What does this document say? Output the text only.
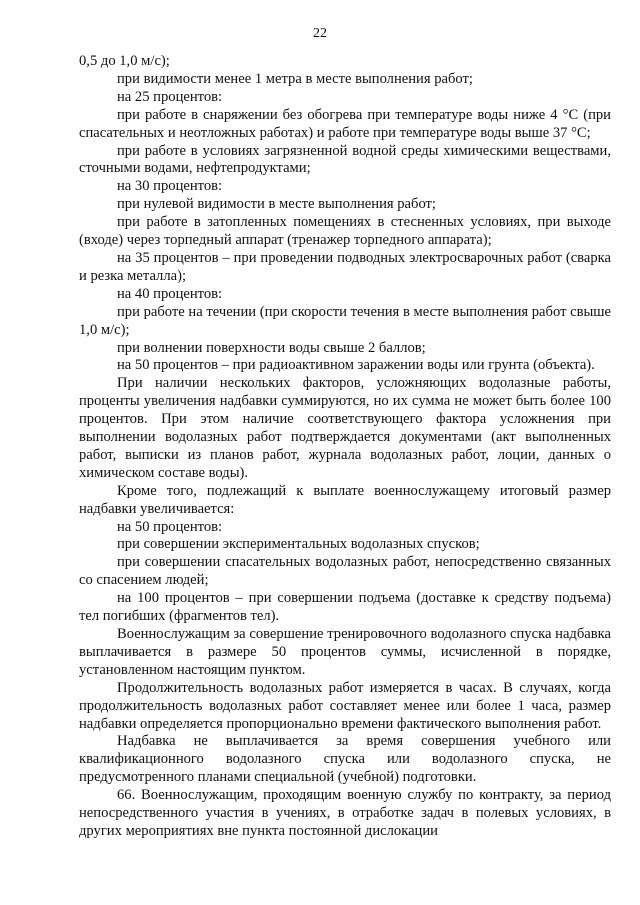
22

0,5 до 1,0 м/с);

при видимости менее 1 метра в месте выполнения работ;

на 25 процентов:

при работе в снаряжении без обогрева при температуре воды ниже 4 °С (при спасательных и неотложных работах) и работе при температуре воды выше 37 °С;

при работе в условиях загрязненной водной среды химическими веществами, сточными водами, нефтепродуктами;

на 30 процентов:

при нулевой видимости в месте выполнения работ;

при работе в затопленных помещениях в стесненных условиях, при выходе (входе) через торпедный аппарат (тренажер торпедного аппарата);

на 35 процентов – при проведении подводных электросварочных работ (сварка и резка металла);

на 40 процентов:

при работе на течении (при скорости течения в месте выполнения работ свыше 1,0 м/с);

при волнении поверхности воды свыше 2 баллов;

на 50 процентов – при радиоактивном заражении воды или грунта (объекта).

При наличии нескольких факторов, усложняющих водолазные работы, проценты увеличения надбавки суммируются, но их сумма не может быть более 100 процентов. При этом наличие соответствующего фактора усложнения при выполнении водолазных работ подтверждается документами (акт выполненных работ, выписки из планов работ, журнала водолазных работ, лоции, данных о химическом составе воды).

Кроме того, подлежащий к выплате военнослужащему итоговый размер надбавки увеличивается:

на 50 процентов:

при совершении экспериментальных водолазных спусков;

при совершении спасательных водолазных работ, непосредственно связанных со спасением людей;

на 100 процентов – при совершении подъема (доставке к средству подъема) тел погибших (фрагментов тел).

Военнослужащим за совершение тренировочного водолазного спуска надбавка выплачивается в размере 50 процентов суммы, исчисленной в порядке, установленном настоящим пунктом.

Продолжительность водолазных работ измеряется в часах. В случаях, когда продолжительность водолазных работ составляет менее или более 1 часа, размер надбавки определяется пропорционально времени фактического выполнения работ.

Надбавка не выплачивается за время совершения учебного или квалификационного водолазного спуска или водолазного спуска, не предусмотренного планами специальной (учебной) подготовки.

66. Военнослужащим, проходящим военную службу по контракту, за период непосредственного участия в учениях, в отработке задач в полевых условиях, в других мероприятиях вне пункта постоянной дислокации
